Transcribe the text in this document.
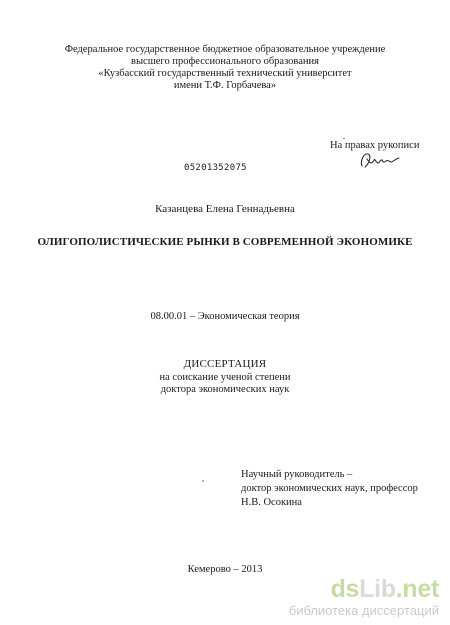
Федеральное государственное бюджетное образовательное учреждение
высшего профессионального образования
«Кузбасский государственный технический университет
имени Т.Ф. Горбачева»
На правах рукописи
05201352075
Казанцева Елена Геннадьевна
ОЛИГОПОЛИСТИЧЕСКИЕ РЫНКИ В СОВРЕМЕННОЙ ЭКОНОМИКЕ
08.00.01 – Экономическая теория
ДИССЕРТАЦИЯ
на соискание ученой степени
доктора экономических наук
Научный руководитель –
доктор экономических наук, профессор
Н.В. Осокина
Кемерово – 2013
dsLib.net
библиотека диссертаций
